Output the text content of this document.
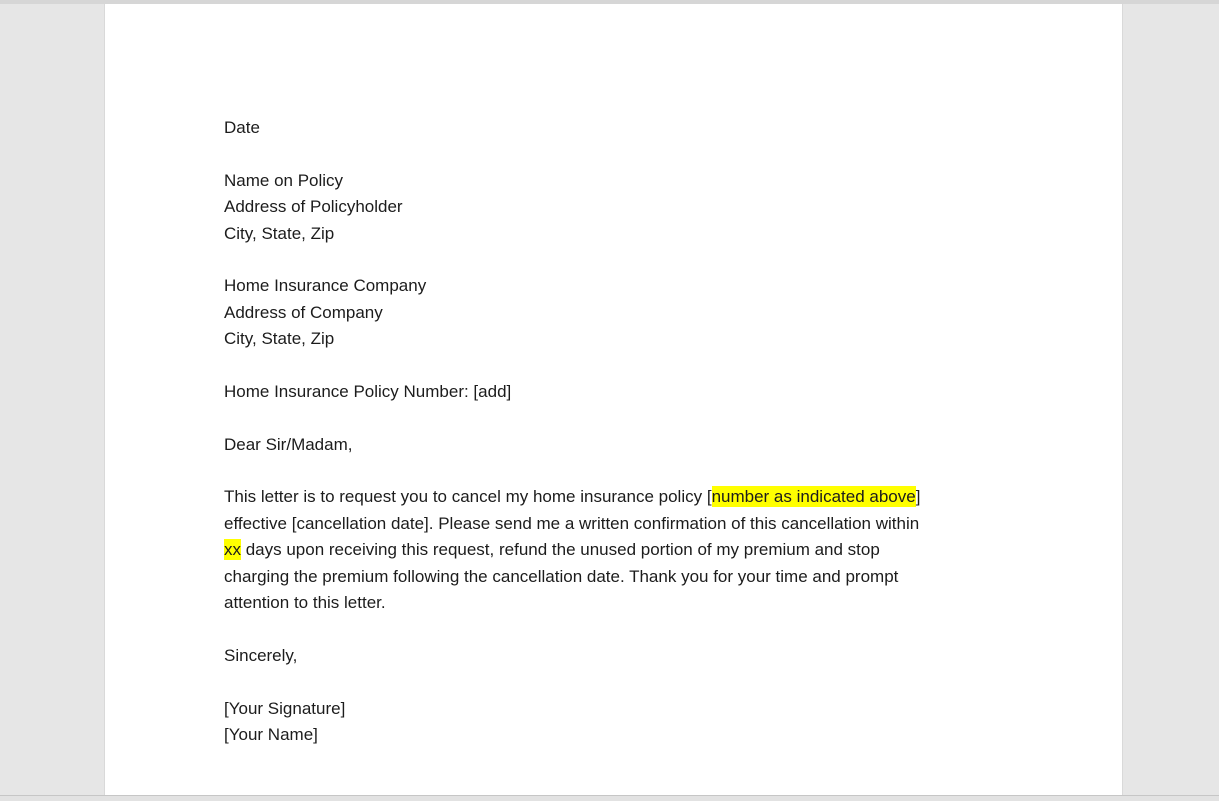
Date
Name on Policy
Address of Policyholder
City, State, Zip
Home Insurance Company
Address of Company
City, State, Zip
Home Insurance Policy Number: [add]
Dear Sir/Madam,
This letter is to request you to cancel my home insurance policy [number as indicated above]
effective [cancellation date]. Please send me a written confirmation of this cancellation within
xx days upon receiving this request, refund the unused portion of my premium and stop
charging the premium following the cancellation date. Thank you for your time and prompt
attention to this letter.
Sincerely,
[Your Signature]
[Your Name]
